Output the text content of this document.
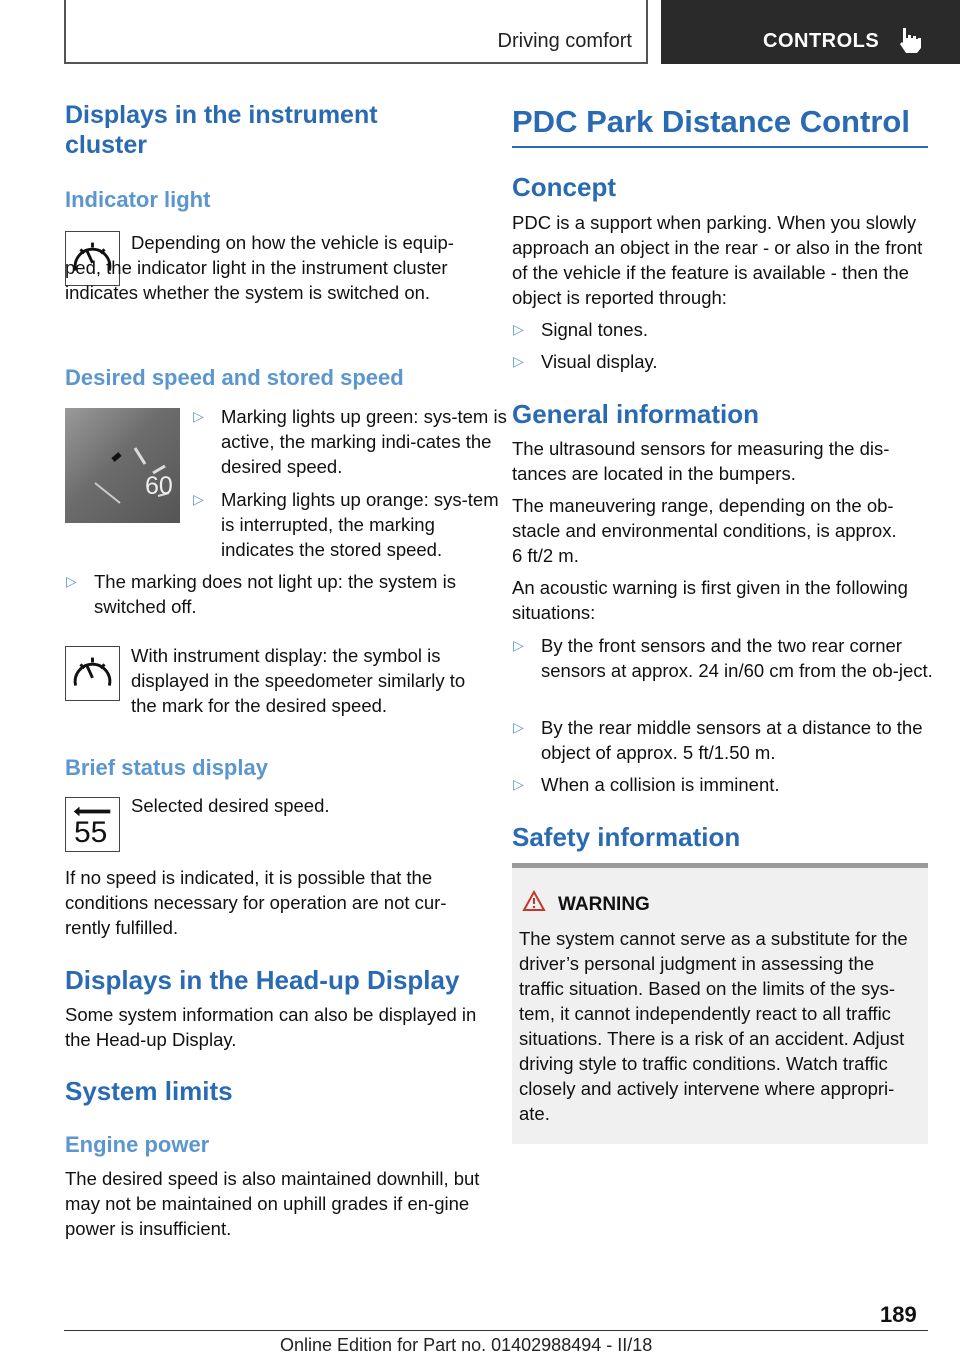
Driving comfort	CONTROLS
Displays in the instrument cluster
Indicator light

Depending on how the vehicle is equip-ped, the indicator light in the instrument cluster indicates whether the system is switched on.

Desired speed and stored speed
60
▷ Marking lights up green: sys-tem is active, the marking indi-cates the desired speed.
▷ Marking lights up orange: sys-tem is interrupted, the marking indicates the stored speed.
▷ The marking does not light up: the system is switched off.

With instrument display: the symbol is displayed in the speedometer similarly to the mark for the desired speed.

Brief status display
55

Selected desired speed.

If no speed is indicated, it is possible that the conditions necessary for operation are not cur-rently fulfilled.

Displays in the Head-up Display

Some system information can also be displayed in the Head-up Display.

System limits
Engine power

The desired speed is also maintained downhill, but may not be maintained on uphill grades if en-gine power is insufficient.

PDC Park Distance Control
Concept

PDC is a support when parking. When you slowly approach an object in the rear - or also in the front of the vehicle if the feature is available - then the object is reported through:

▷ Signal tones.
▷ Visual display.
General information

The ultrasound sensors for measuring the dis-tances are located in the bumpers.

The maneuvering range, depending on the ob-stacle and environmental conditions, is approx.

6 ft/2 m.

An acoustic warning is first given in the following situations:

▷ By the front sensors and the two rear corner sensors at approx. 24 in/60 cm from the ob-ject.
▷ By the rear middle sensors at a distance to the object of approx. 5 ft/1.50 m.
▷ When a collision is imminent.
Safety information
WARNING
The system cannot serve as a substitute for the driver’s personal judgment in assessing the traffic situation. Based on the limits of the sys-tem, it cannot independently react to all traffic situations. There is a risk of an accident. Adjust driving style to traffic conditions. Watch traffic closely and actively intervene where appropri-ate.
189
Online Edition for Part no. 01402988494 - II/18
